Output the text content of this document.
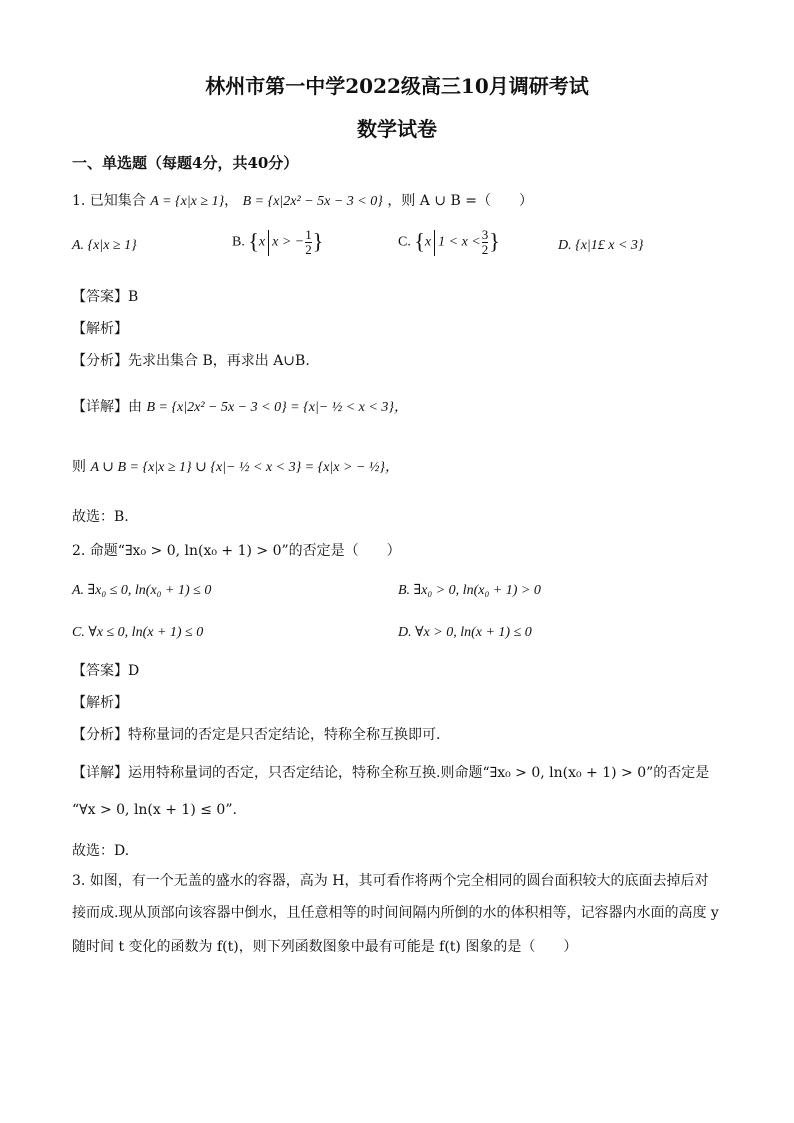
林州市第一中学2022级高三10月调研考试
数学试卷
一、单选题（每题4分，共40分）
1. 已知集合 A = {x|x ≥ 1}， B = {x|2x² − 5x − 3 < 0} ，则 A ∪ B =（　　）
A. {x|x ≥ 1}	B. {x x > − $\frac{1}{2}$ }	C. {x $1 < x < \frac{3}{2}$ }	D. {x|1£ x < 3}
【答案】B
【解析】
【分析】先求出集合 B，再求出 A∪B.
【详解】由 B = {x|2x² − 5x − 3 < 0} = {x|− ½ < x < 3}，
则 A ∪ B = {x|x ≥ 1} ∪ {x|− ½ < x < 3} = {x|x > − ½}，
故选：B.
2. 命题“∃x₀ > 0, ln(x₀ + 1) > 0”的否定是（　　）
A. ∃x₀ ≤ 0, ln(x₀ + 1) ≤ 0	B. ∃x₀ > 0, ln(x₀ + 1) > 0
C. ∀x ≤ 0, ln(x + 1) ≤ 0	D. ∀x > 0, ln(x + 1) ≤ 0
【答案】D
【解析】
【分析】特称量词的否定是只否定结论，特称全称互换即可.
【详解】运用特称量词的否定，只否定结论，特称全称互换.则命题“∃x₀ > 0, ln(x₀ + 1) > 0”的否定是
“∀x > 0, ln(x + 1) ≤ 0”.
故选：D.
3. 如图，有一个无盖的盛水的容器，高为 H，其可看作将两个完全相同的圆台面积较大的底面去掉后对
接而成.现从顶部向该容器中倒水，且任意相等的时间间隔内所倒的水的体积相等，记容器内水面的高度 y
随时间 t 变化的函数为 f(t)，则下列函数图象中最有可能是 f(t) 图象的是（　　）
